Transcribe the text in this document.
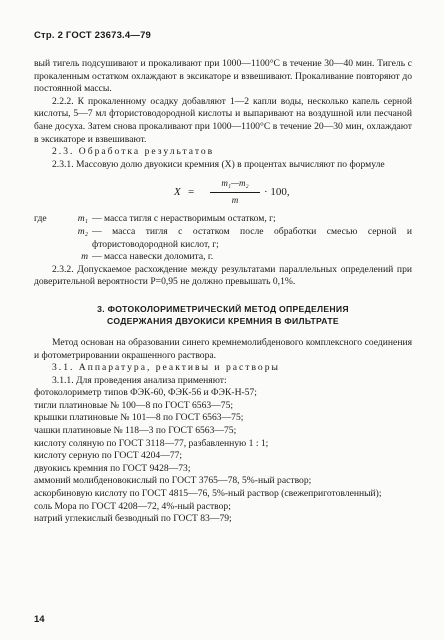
Стр. 2 ГОСТ 23673.4—79

вый тигель подсушивают и прокаливают при 1000—1100°С в течение 30—40 мин. Тигель с прокаленным остатком охлаждают в эксикаторе и взвешивают. Прокаливание повторяют до постоянной массы.

2.2.2. К прокаленному осадку добавляют 1—2 капли воды, несколько капель серной кислоты, 5—7 мл фтористоводородной кислоты и выпаривают на воздушной или песчаной бане досуха. Затем снова прокаливают при 1000—1100°С в течение 20—30 мин, охлаждают в эксикаторе и взвешивают.

2.3. Обработка результатов

2.3.1. Массовую долю двуокиси кремния (X) в процентах вычисляют по формуле

X =
m₁—m₂
m
· 100,
где	m₁ — масса тигля с нерастворимым остатком, г;
m₂ — масса тигля с остатком после обработки смесью серной и фтористоводородной кислот, г;
m — масса навески доломита, г.

2.3.2. Допускаемое расхождение между результатами параллельных определений при доверительной вероятности P=0,95 не должно превышать 0,1%.

3. ФОТОКОЛОРИМЕТРИЧЕСКИЙ МЕТОД ОПРЕДЕЛЕНИЯ
СОДЕРЖАНИЯ ДВУОКИСИ КРЕМНИЯ В ФИЛЬТРАТЕ

Метод основан на образовании синего кремнемолибденового комплексного соединения и фотометрировании окрашенного раствора.

3.1. Аппаратура, реактивы и растворы

3.1.1. Для проведения анализа применяют:

фотоколориметр типов ФЭК-60, ФЭК-56 и ФЭК-Н-57;

тигли платиновые № 100—8 по ГОСТ 6563—75;

крышки платиновые № 101—8 по ГОСТ 6563—75;

чашки платиновые № 118—3 по ГОСТ 6563—75;

кислоту соляную по ГОСТ 3118—77, разбавленную 1 : 1;

кислоту серную по ГОСТ 4204—77;

двуокись кремния по ГОСТ 9428—73;

аммоний молибденовокислый по ГОСТ 3765—78, 5%-ный раствор;

аскорбиновую кислоту по ГОСТ 4815—76, 5%-ный раствор (свежеприготовленный);

соль Мора по ГОСТ 4208—72, 4%-ный раствор;

натрий углекислый безводный по ГОСТ 83—79;

14
